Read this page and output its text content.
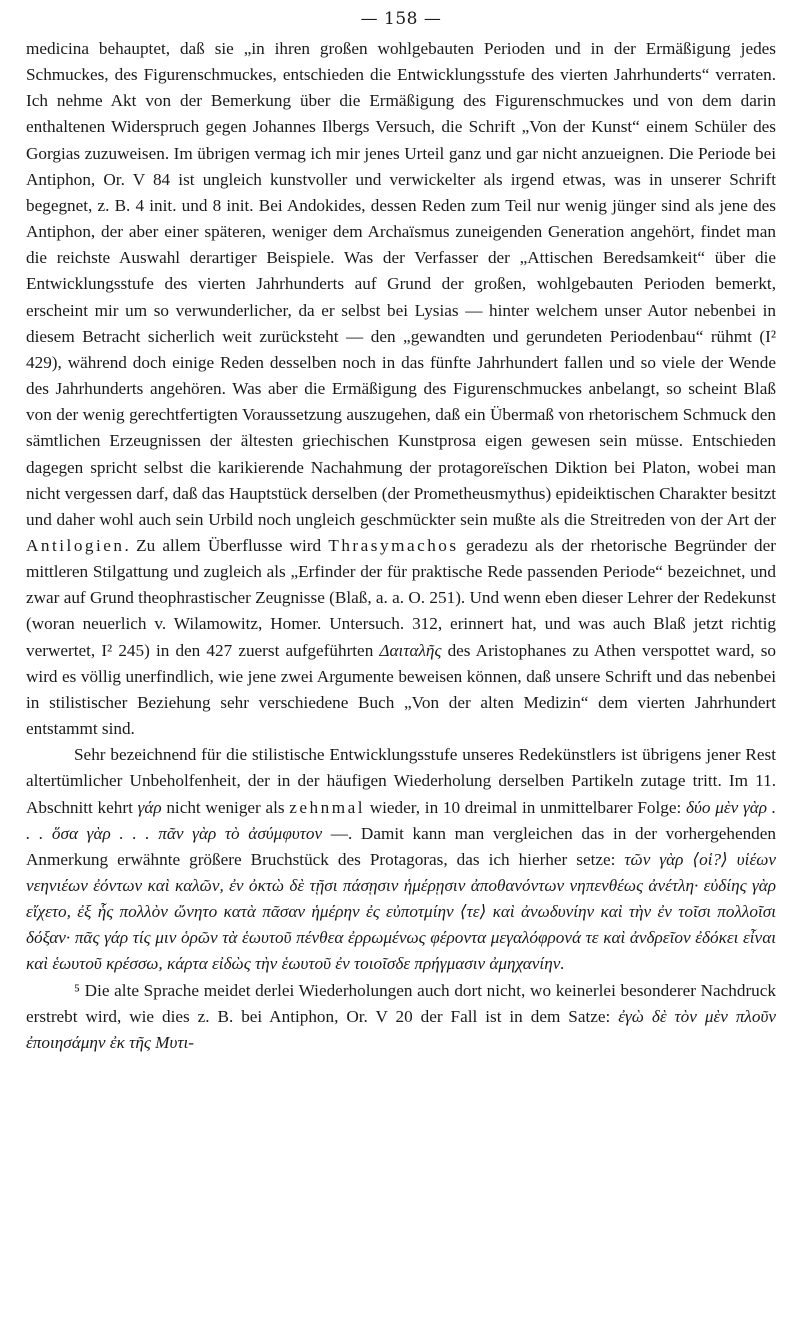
— 158 —

medicina behauptet, daß sie „in ihren großen wohlgebauten Perioden und in der Ermäßigung jedes Schmuckes, des Figurenschmuckes, entschieden die Entwicklungsstufe des vierten Jahrhunderts“ verraten. Ich nehme Akt von der Bemerkung über die Ermäßigung des Figurenschmuckes und von dem darin enthaltenen Widerspruch gegen Johannes Ilbergs Versuch, die Schrift „Von der Kunst“ einem Schüler des Gorgias zuzuweisen. Im übrigen vermag ich mir jenes Urteil ganz und gar nicht anzueignen. Die Periode bei Antiphon, Or. V 84 ist ungleich kunstvoller und verwickelter als irgend etwas, was in unserer Schrift begegnet, z. B. 4 init. und 8 init. Bei Andokides, dessen Reden zum Teil nur wenig jünger sind als jene des Antiphon, der aber einer späteren, weniger dem Archaïsmus zuneigenden Generation angehört, findet man die reichste Auswahl derartiger Beispiele. Was der Verfasser der „Attischen Beredsamkeit“ über die Entwicklungsstufe des vierten Jahrhunderts auf Grund der großen, wohlgebauten Perioden bemerkt, erscheint mir um so verwunderlicher, da er selbst bei Lysias — hinter welchem unser Autor nebenbei in diesem Betracht sicherlich weit zurücksteht — den „gewandten und gerundeten Periodenbau“ rühmt (I² 429), während doch einige Reden desselben noch in das fünfte Jahrhundert fallen und so viele der Wende des Jahrhunderts angehören. Was aber die Ermäßigung des Figurenschmuckes anbelangt, so scheint Blaß von der wenig gerechtfertigten Voraussetzung auszugehen, daß ein Übermaß von rhetorischem Schmuck den sämtlichen Erzeugnissen der ältesten griechischen Kunstprosa eigen gewesen sein müsse. Entschieden dagegen spricht selbst die karikierende Nachahmung der protagoreïschen Diktion bei Platon, wobei man nicht vergessen darf, daß das Hauptstück derselben (der Prometheusmythus) epideiktischen Charakter besitzt und daher wohl auch sein Urbild noch ungleich geschmückter sein mußte als die Streitreden von der Art der Antilogien. Zu allem Überflusse wird Thrasymachos geradezu als der rhetorische Begründer der mittleren Stilgattung und zugleich als „Erfinder der für praktische Rede passenden Periode“ bezeichnet, und zwar auf Grund theophrastischer Zeugnisse (Blaß, a. a. O. 251). Und wenn eben dieser Lehrer der Redekunst (woran neuerlich v. Wilamowitz, Homer. Untersuch. 312, erinnert hat, und was auch Blaß jetzt richtig verwertet, I² 245) in den 427 zuerst aufgeführten Δαιταλῆς des Aristophanes zu Athen verspottet ward, so wird es völlig unerfindlich, wie jene zwei Argumente beweisen können, daß unsere Schrift und das nebenbei in stilistischer Beziehung sehr verschiedene Buch „Von der alten Medizin“ dem vierten Jahrhundert entstammt sind.

Sehr bezeichnend für die stilistische Entwicklungsstufe unseres Redekünstlers ist übrigens jener Rest altertümlicher Unbeholfenheit, der in der häufigen Wiederholung derselben Partikeln zutage tritt. Im 11. Abschnitt kehrt γάρ nicht weniger als zehnmal wieder, in 10 dreimal in unmittelbarer Folge: δύο μὲν γὰρ . . . ὅσα γὰρ . . . πᾶν γὰρ τὸ ἀσύμφυτον —. Damit kann man vergleichen das in der vorhergehenden Anmerkung erwähnte größere Bruchstück des Protagoras, das ich hierher setze: τῶν γὰρ ⟨οἱ?⟩ υἱέων νεηνιέων ἐόντων καὶ καλῶν, ἐν ὀκτὼ δὲ τῇσι πάσῃσιν ἡμέρῃσιν ἀποθανόντων νηπενθέως ἀνέτλη· εὐδίης γὰρ εἴχετο, ἐξ ἧς πολλὸν ὤνητο κατὰ πᾶσαν ἡμέρην ἐς εὐποτμίην ⟨τε⟩ καὶ ἀνωδυνίην καὶ τὴν ἐν τοῖσι πολλοῖσι δόξαν· πᾶς γάρ τίς μιν ὁρῶν τὰ ἑωυτοῦ πένθεα ἐρρωμένως φέροντα μεγαλόφρονά τε καὶ ἀνδρεῖον ἐδόκει εἶναι καὶ ἑωυτοῦ κρέσσω, κάρτα εἰδὼς τὴν ἑωυτοῦ ἐν τοιοῖσδε πρήγμασιν ἀμηχανίην.

⁵ Die alte Sprache meidet derlei Wiederholungen auch dort nicht, wo keinerlei besonderer Nachdruck erstrebt wird, wie dies z. B. bei Antiphon, Or. V 20 der Fall ist in dem Satze: ἐγὼ δὲ τὸν μὲν πλοῦν ἐποιησάμην ἐκ τῆς Μυτι-
